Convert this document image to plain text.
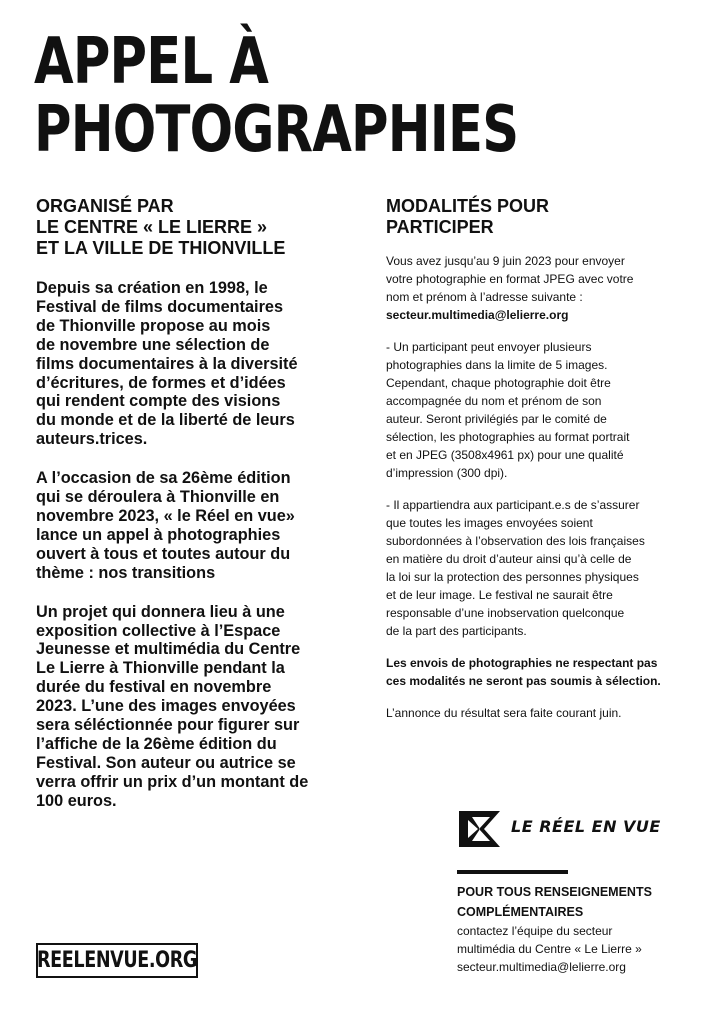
APPEL À
PHOTOGRAPHIES
ORGANISÉ PAR
LE CENTRE « LE LIERRE »
ET LA VILLE DE THIONVILLE

Depuis sa création en 1998, le
Festival de films documentaires
de Thionville propose au mois
de novembre une sélection de
films documentaires à la diversité
d’écritures, de formes et d’idées
qui rendent compte des visions
du monde et de la liberté de leurs
auteurs.trices.

A l’occasion de sa 26ème édition
qui se déroulera à Thionville en
novembre 2023, « le Réel en vue»
lance un appel à photographies
ouvert à tous et toutes autour du
thème : nos transitions

Un projet qui donnera lieu à une
exposition collective à l’Espace
Jeunesse et multimédia du Centre
Le Lierre à Thionville pendant la
durée du festival en novembre
2023. L’une des images envoyées
sera séléctionnée pour figurer sur
l’affiche de la 26ème édition du
Festival. Son auteur ou autrice se
verra offrir un prix d’un montant de
100 euros.

MODALITÉS POUR
PARTICIPER

Vous avez jusqu’au 9 juin 2023 pour envoyer
votre photographie en format JPEG avec votre
nom et prénom à l’adresse suivante :
secteur.multimedia@lelierre.org

- Un participant peut envoyer plusieurs
photographies dans la limite de 5 images.
Cependant, chaque photographie doit être
accompagnée du nom et prénom de son
auteur. Seront privilégiés par le comité de
sélection, les photographies au format portrait
et en JPEG (3508x4961 px) pour une qualité
d’impression (300 dpi).

- Il appartiendra aux participant.e.s de s’assurer
que toutes les images envoyées soient
subordonnées à l’observation des lois françaises
en matière du droit d’auteur ainsi qu’à celle de
la loi sur la protection des personnes physiques
et de leur image. Le festival ne saurait être
responsable d’une inobservation quelconque
de la part des participants.

Les envois de photographies ne respectant pas
ces modalités ne seront pas soumis à sélection.

L’annonce du résultat sera faite courant juin.

LE RÉEL EN VUE

POUR TOUS RENSEIGNEMENTS
COMPLÉMENTAIRES

contactez l’équipe du secteur

multimédia du Centre « Le Lierre »

secteur.multimedia@lelierre.org

REELENVUE.ORG
